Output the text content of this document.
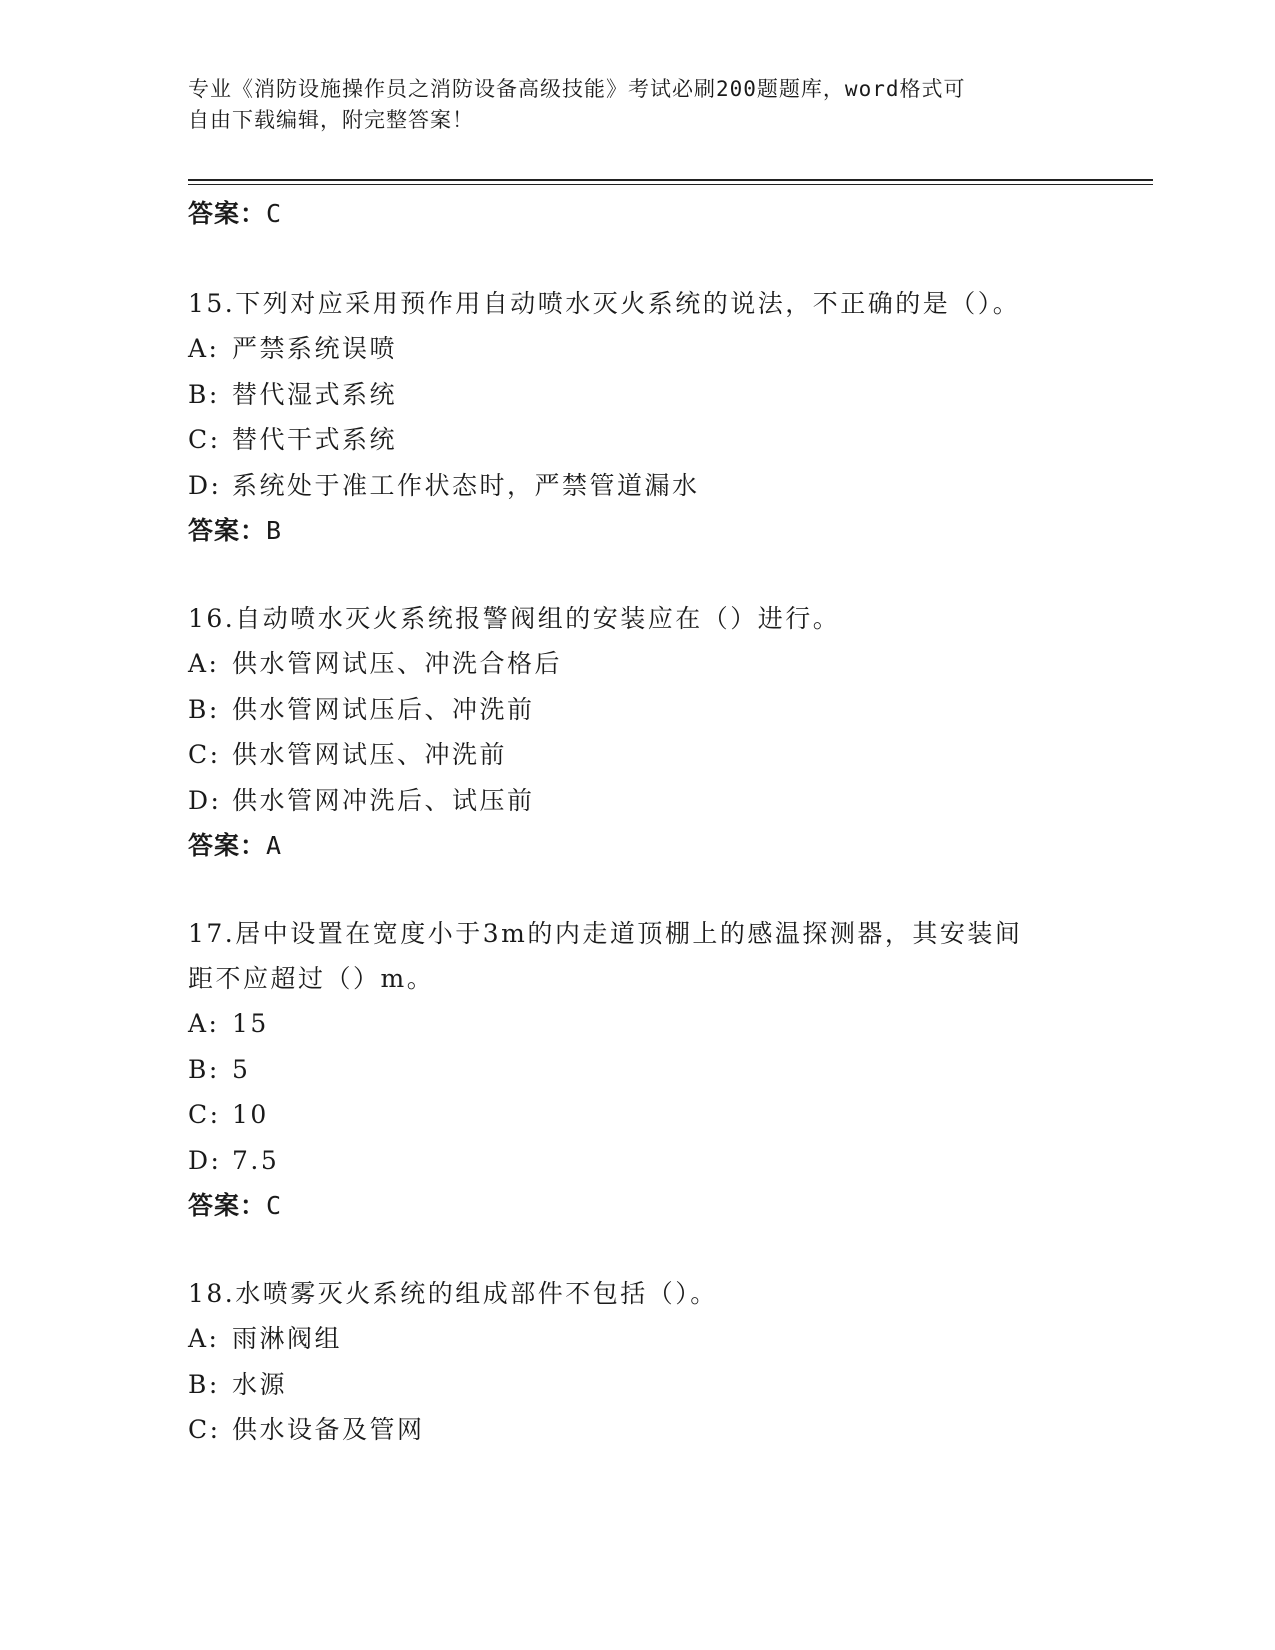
专业《消防设施操作员之消防设备高级技能》考试必刷200题题库，word格式可
自由下载编辑，附完整答案！
答案：C
15.下列对应采用预作用自动喷水灭火系统的说法，不正确的是（）。
A: 严禁系统误喷
B: 替代湿式系统
C: 替代干式系统
D: 系统处于准工作状态时，严禁管道漏水
答案：B
16.自动喷水灭火系统报警阀组的安装应在（）进行。
A: 供水管网试压、冲洗合格后
B: 供水管网试压后、冲洗前
C: 供水管网试压、冲洗前
D: 供水管网冲洗后、试压前
答案：A
17.居中设置在宽度小于3m的内走道顶棚上的感温探测器，其安装间
距不应超过（）m。
A: 15
B: 5
C: 10
D: 7.5
答案：C
18.水喷雾灭火系统的组成部件不包括（）。
A: 雨淋阀组
B: 水源
C: 供水设备及管网
